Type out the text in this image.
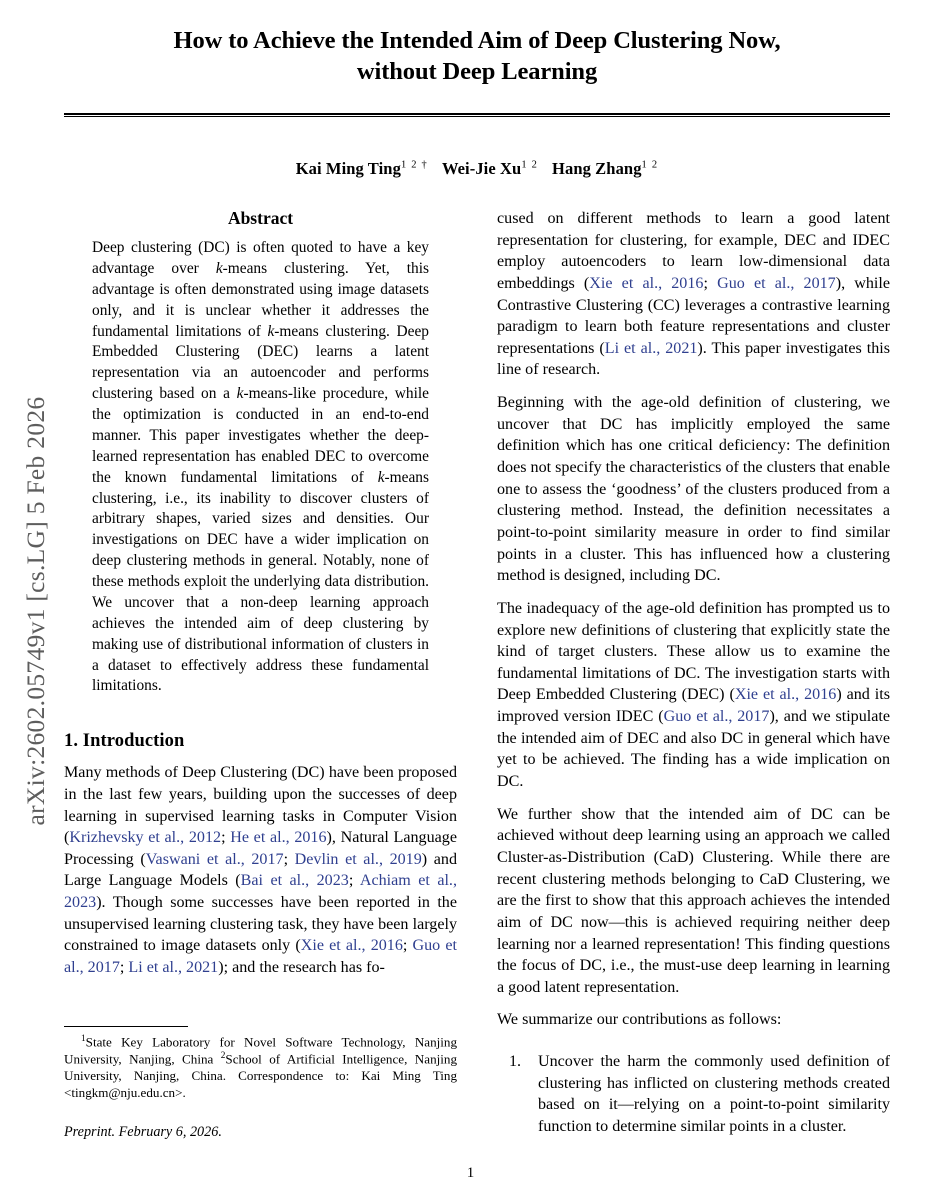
arXiv:2602.05749v1 [cs.LG] 5 Feb 2026
How to Achieve the Intended Aim of Deep Clustering Now,
without Deep Learning
Kai Ming Ting$^{1 2 \dagger}$ Wei-Jie $Xu^{1 2}$ Hang Zhang$^{1 2}$
Abstract
Deep clustering (DC) is often quoted to have a key advantage over k-means clustering. Yet, this advantage is often demonstrated using image datasets only, and it is unclear whether it addresses the fundamental limitations of k-means clustering. Deep Embedded Clustering (DEC) learns a latent representation via an autoencoder and performs clustering based on a k-means-like procedure, while the optimization is conducted in an end-to-end manner. This paper investigates whether the deep-learned representation has enabled DEC to overcome the known fundamental limitations of k-means clustering, i.e., its inability to discover clusters of arbitrary shapes, varied sizes and densities. Our investigations on DEC have a wider implication on deep clustering methods in general. Notably, none of these methods exploit the underlying data distribution. We uncover that a non-deep learning approach achieves the intended aim of deep clustering by making use of distributional information of clusters in a dataset to effectively address these fundamental limitations.
1. Introduction

Many methods of Deep Clustering (DC) have been proposed in the last few years, building upon the successes of deep learning in supervised learning tasks in Computer Vision (Krizhevsky et al., 2012; He et al., 2016), Natural Language Processing (Vaswani et al., 2017; Devlin et al., 2019) and Large Language Models (Bai et al., 2023; Achiam et al., 2023). Though some successes have been reported in the unsupervised learning clustering task, they have been largely constrained to image datasets only (Xie et al., 2016; Guo et al., 2017; Li et al., 2021); and the research has fo-

$^1$State Key Laboratory for Novel Software Technology, Nanjing University, Nanjing, China $^2$School of Artificial Intelligence, Nanjing University, Nanjing, China. Correspondence to: Kai Ming Ting <tingkm@nju.edu.cn>.
Preprint. February 6, 2026.

cused on different methods to learn a good latent representation for clustering, for example, DEC and IDEC employ autoencoders to learn low-dimensional data embeddings (Xie et al., 2016; Guo et al., 2017), while Contrastive Clustering (CC) leverages a contrastive learning paradigm to learn both feature representations and cluster representations (Li et al., 2021). This paper investigates this line of research.

Beginning with the age-old definition of clustering, we uncover that DC has implicitly employed the same definition which has one critical deficiency: The definition does not specify the characteristics of the clusters that enable one to assess the ‘goodness’ of the clusters produced from a clustering method. Instead, the definition necessitates a point-to-point similarity measure in order to find similar points in a cluster. This has influenced how a clustering method is designed, including DC.

The inadequacy of the age-old definition has prompted us to explore new definitions of clustering that explicitly state the kind of target clusters. These allow us to examine the fundamental limitations of DC. The investigation starts with Deep Embedded Clustering (DEC) (Xie et al., 2016) and its improved version IDEC (Guo et al., 2017), and we stipulate the intended aim of DEC and also DC in general which have yet to be achieved. The finding has a wide implication on DC.

We further show that the intended aim of DC can be achieved without deep learning using an approach we called Cluster-as-Distribution (CaD) Clustering. While there are recent clustering methods belonging to CaD Clustering, we are the first to show that this approach achieves the intended aim of DC now—this is achieved requiring neither deep learning nor a learned representation! This finding questions the focus of DC, i.e., the must-use deep learning in learning a good latent representation.

We summarize our contributions as follows:

1. Uncover the harm the commonly used definition of clustering has inflicted on clustering methods created based on it—relying on a point-to-point similarity function to determine similar points in a cluster.
1
